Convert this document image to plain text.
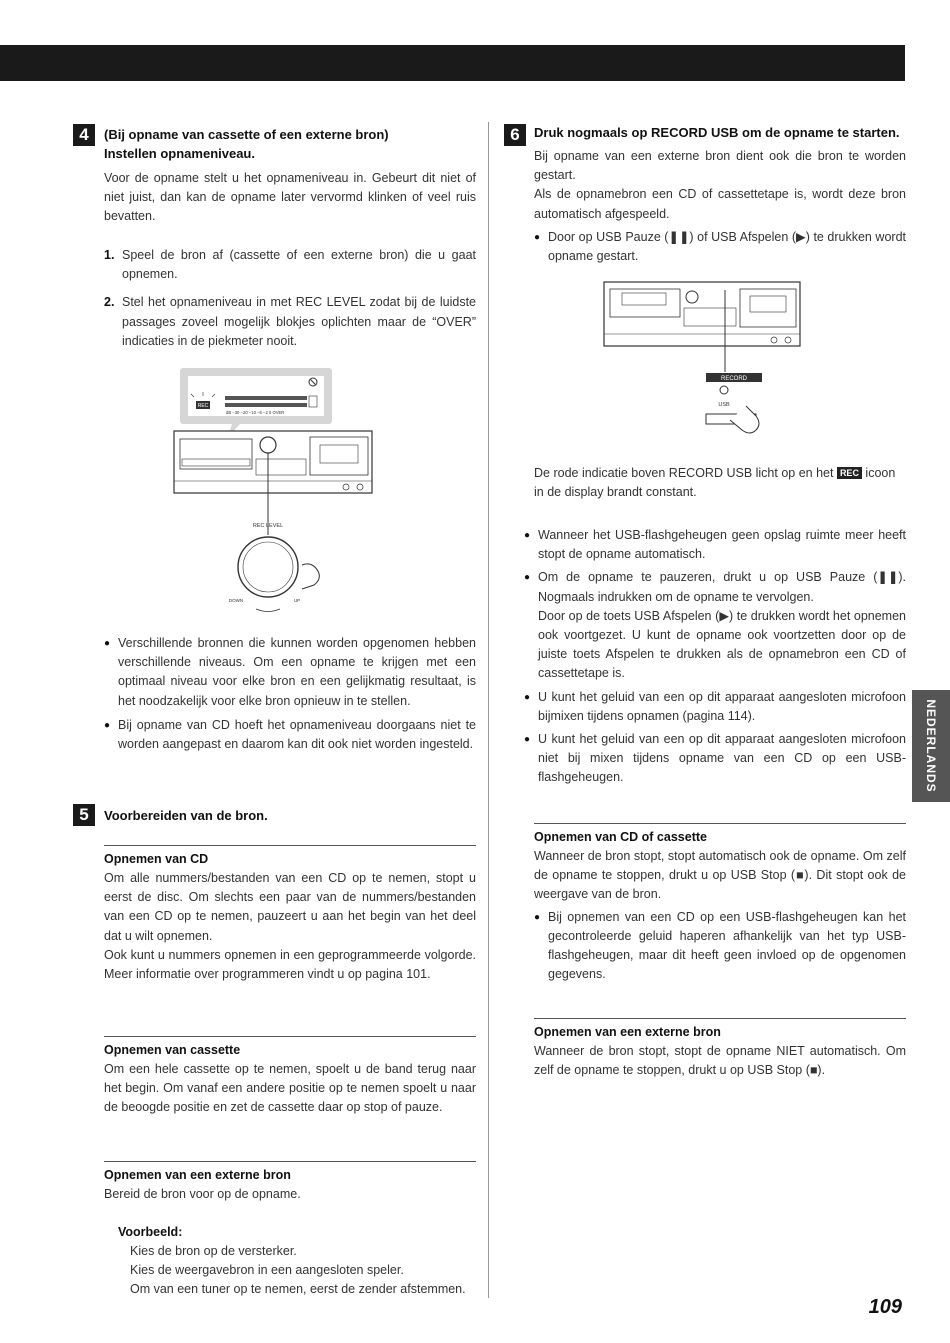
4	(Bij opname van cassette of een externe bron)
Instellen opnameniveau.

Voor de opname stelt u het opnameniveau in. Gebeurt dit niet of niet juist, dan kan de opname later vervormd klinken of veel ruis bevatten.

1. Speel de bron af (cassette of een externe bron) die u gaat opnemen.
2. Stel het opnameniveau in met REC LEVEL zodat bij de luidste passages zoveel mogelijk blokjes oplichten maar de “OVER” indicaties in de piekmeter nooit.
REC
dB −30 −20 −10 −6 −2 0 OVER
REC LEVEL
DOWN	UP
● Verschillende bronnen die kunnen worden opgenomen hebben verschillende niveaus. Om een opname te krijgen met een optimaal niveau voor elke bron en een gelijkmatig resultaat, is het noodzakelijk voor elke bron opnieuw in te stellen.
● Bij opname van CD hoeft het opnameniveau doorgaans niet te worden aangepast en daarom kan dit ook niet worden ingesteld.
5	Voorbereiden van de bron.
Opnemen van CD

Om alle nummers/bestanden van een CD op te nemen, stopt u eerst de disc. Om slechts een paar van de nummers/bestanden van een CD op te nemen, pauzeert u aan het begin van het deel dat u wilt opnemen.

Ook kunt u nummers opnemen in een geprogrammeerde volgorde. Meer informatie over programmeren vindt u op pagina 101.

Opnemen van cassette

Om een hele cassette op te nemen, spoelt u de band terug naar het begin. Om vanaf een andere positie op te nemen spoelt u naar de beoogde positie en zet de cassette daar op stop of pauze.

Opnemen van een externe bron

Bereid de bron voor op de opname.

Voorbeeld:

Kies de bron op de versterker.

Kies de weergavebron in een aangesloten speler.

Om van een tuner op te nemen, eerst de zender afstemmen.

6	Druk nogmaals op RECORD USB om de opname te starten.

Bij opname van een externe bron dient ook die bron te worden gestart.

Als de opnamebron een CD of cassettetape is, wordt deze bron automatisch afgespeeld.

● Door op USB Pauze (❚❚) of USB Afspelen (▶) te drukken wordt opname gestart.
RECORD
USB

De rode indicatie boven RECORD USB licht op en het REC icoon in de display brandt constant.

● Wanneer het USB-flashgeheugen geen opslag ruimte meer heeft stopt de opname automatisch.
● Om de opname te pauzeren, drukt u op USB Pauze (❚❚). Nogmaals indrukken om de opname te vervolgen.
Door op de toets USB Afspelen (▶) te drukken wordt het opnemen ook voortgezet. U kunt de opname ook voortzetten door op de juiste toets Afspelen te drukken als de opnamebron een CD of cassettetape is.
● U kunt het geluid van een op dit apparaat aangesloten microfoon bijmixen tijdens opnamen (pagina 114).
● U kunt het geluid van een op dit apparaat aangesloten microfoon niet bij mixen tijdens opname van een CD op een USB-flashgeheugen.
Opnemen van CD of cassette

Wanneer de bron stopt, stopt automatisch ook de opname. Om zelf de opname te stoppen, drukt u op USB Stop (■). Dit stopt ook de weergave van de bron.

● Bij opnemen van een CD op een USB-flashgeheugen kan het gecontroleerde geluid haperen afhankelijk van het typ USB-flashgeheugen, maar dit heeft geen invloed op de opgenomen gegevens.
Opnemen van een externe bron

Wanneer de bron stopt, stopt de opname NIET automatisch. Om zelf de opname te stoppen, drukt u op USB Stop (■).

NEDERLANDS
109
